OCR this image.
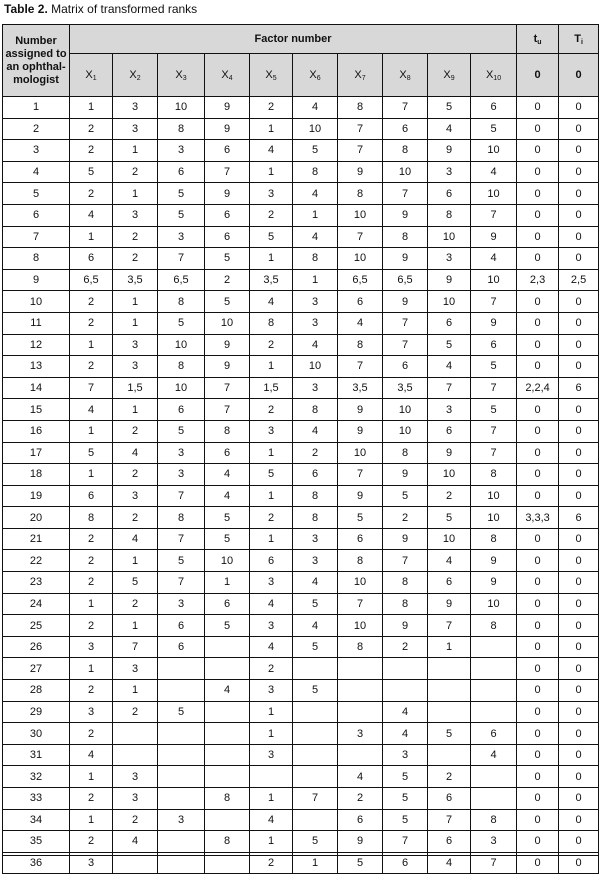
Table 2. Matrix of transformed ranks
Number assigned to an ophthal-mologist	Factor number										$t_u$	$T_i$
	$X_1$	$X_2$	$X_3$	$X_4$	$X_5$	$X_6$	$X_7$	$X_8$	$X_9$	$X_{10}$	0	0
1	1	3	10	9	2	4	8	7	5	6	0	0
2	2	3	8	9	1	10	7	6	4	5	0	0
3	2	1	3	6	4	5	7	8	9	10	0	0
4	5	2	6	7	1	8	9	10	3	4	0	0
5	2	1	5	9	3	4	8	7	6	10	0	0
6	4	3	5	6	2	1	10	9	8	7	0	0
7	1	2	3	6	5	4	7	8	10	9	0	0
8	6	2	7	5	1	8	10	9	3	4	0	0
9	6,5	3,5	6,5	2	3,5	1	6,5	6,5	9	10	2,3	2,5
10	2	1	8	5	4	3	6	9	10	7	0	0
11	2	1	5	10	8	3	4	7	6	9	0	0
12	1	3	10	9	2	4	8	7	5	6	0	0
13	2	3	8	9	1	10	7	6	4	5	0	0
14	7	1,5	10	7	1,5	3	3,5	3,5	7	7	2,2,4	6
15	4	1	6	7	2	8	9	10	3	5	0	0
16	1	2	5	8	3	4	9	10	6	7	0	0
17	5	4	3	6	1	2	10	8	9	7	0	0
18	1	2	3	4	5	6	7	9	10	8	0	0
19	6	3	7	4	1	8	9	5	2	10	0	0
20	8	2	8	5	2	8	5	2	5	10	3,3,3	6
21	2	4	7	5	1	3	6	9	10	8	0	0
22	2	1	5	10	6	3	8	7	4	9	0	0
23	2	5	7	1	3	4	10	8	6	9	0	0
24	1	2	3	6	4	5	7	8	9	10	0	0
25	2	1	6	5	3	4	10	9	7	8	0	0
26	3	7	6		4	5	8	2	1		0	0
27	1	3			2						0	0
28	2	1		4	3	5					0	0
29	3	2	5		1			4			0	0
30	2				1		3	4	5	6	0	0
31	4				3			3		4	0	0
32	1	3					4	5	2		0	0
33	2	3		8	1	7	2	5	6		0	0
34	1	2	3		4		6	5	7	8	0	0
35	2	4		8	1	5	9	7	6	3	0	0
36	3				2	1	5	6	4	7	0	0
